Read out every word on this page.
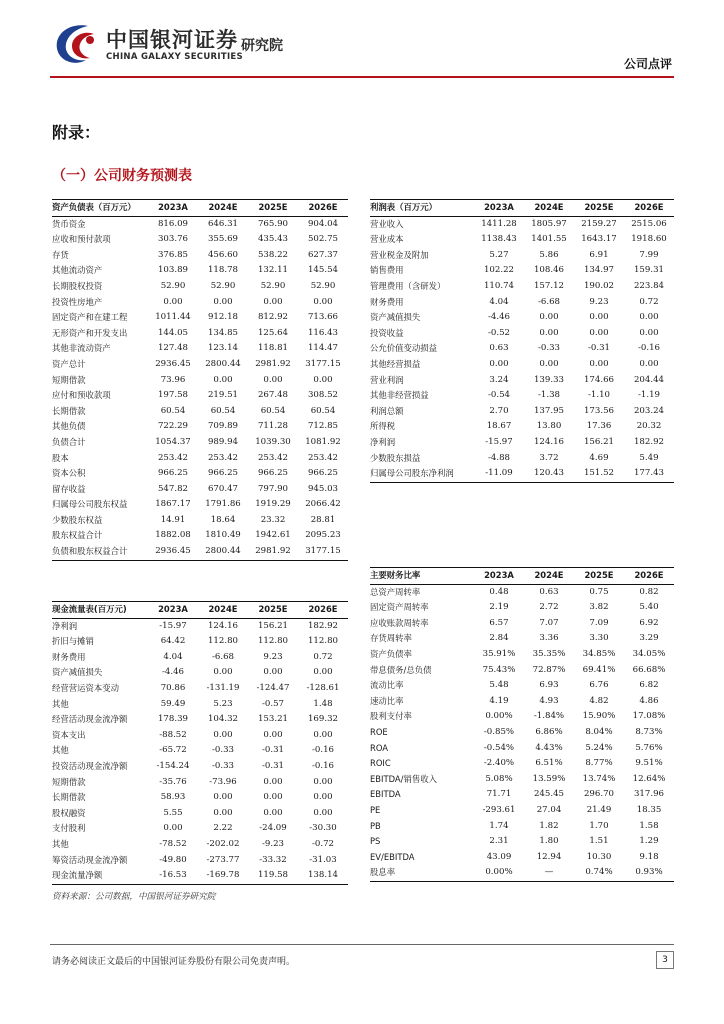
中国银河证券
CHINA GALAXY SECURITIES
研究院
公司点评
附录：
（一）公司财务预测表
资产负债表（百万元）	2023A	2024E	2025E	2026E
货币资金	816.09	646.31	765.90	904.04
应收和预付款项	303.76	355.69	435.43	502.75
存货	376.85	456.60	538.22	627.37
其他流动资产	103.89	118.78	132.11	145.54
长期股权投资	52.90	52.90	52.90	52.90
投资性房地产	0.00	0.00	0.00	0.00
固定资产和在建工程	1011.44	912.18	812.92	713.66
无形资产和开发支出	144.05	134.85	125.64	116.43
其他非流动资产	127.48	123.14	118.81	114.47
资产总计	2936.45	2800.44	2981.92	3177.15
短期借款	73.96	0.00	0.00	0.00
应付和预收款项	197.58	219.51	267.48	308.52
长期借款	60.54	60.54	60.54	60.54
其他负债	722.29	709.89	711.28	712.85
负债合计	1054.37	989.94	1039.30	1081.92
股本	253.42	253.42	253.42	253.42
资本公积	966.25	966.25	966.25	966.25
留存收益	547.82	670.47	797.90	945.03
归属母公司股东权益	1867.17	1791.86	1919.29	2066.42
少数股东权益	14.91	18.64	23.32	28.81
股东权益合计	1882.08	1810.49	1942.61	2095.23
负债和股东权益合计	2936.45	2800.44	2981.92	3177.15
利润表（百万元）	2023A	2024E	2025E	2026E
营业收入	1411.28	1805.97	2159.27	2515.06
营业成本	1138.43	1401.55	1643.17	1918.60
营业税金及附加	5.27	5.86	6.91	7.99
销售费用	102.22	108.46	134.97	159.31
管理费用（含研发）	110.74	157.12	190.02	223.84
财务费用	4.04	-6.68	9.23	0.72
资产减值损失	-4.46	0.00	0.00	0.00
投资收益	-0.52	0.00	0.00	0.00
公允价值变动损益	0.63	-0.33	-0.31	-0.16
其他经营损益	0.00	0.00	0.00	0.00
营业利润	3.24	139.33	174.66	204.44
其他非经营损益	-0.54	-1.38	-1.10	-1.19
利润总额	2.70	137.95	173.56	203.24
所得税	18.67	13.80	17.36	20.32
净利润	-15.97	124.16	156.21	182.92
少数股东损益	-4.88	3.72	4.69	5.49
归属母公司股东净利润	-11.09	120.43	151.52	177.43
主要财务比率	2023A	2024E	2025E	2026E
总资产周转率	0.48	0.63	0.75	0.82
固定资产周转率	2.19	2.72	3.82	5.40
应收账款周转率	6.57	7.07	7.09	6.92
存货周转率	2.84	3.36	3.30	3.29
资产负债率	35.91%	35.35%	34.85%	34.05%
带息债务/总负债	75.43%	72.87%	69.41%	66.68%
流动比率	5.48	6.93	6.76	6.82
速动比率	4.19	4.93	4.82	4.86
股利支付率	0.00%	-1.84%	15.90%	17.08%
ROE	-0.85%	6.86%	8.04%	8.73%
ROA	-0.54%	4.43%	5.24%	5.76%
ROIC	-2.40%	6.51%	8.77%	9.51%
EBITDA/销售收入	5.08%	13.59%	13.74%	12.64%
EBITDA	71.71	245.45	296.70	317.96
PE	-293.61	27.04	21.49	18.35
PB	1.74	1.82	1.70	1.58
PS	2.31	1.80	1.51	1.29
EV/EBITDA	43.09	12.94	10.30	9.18
股息率	0.00%	—	0.74%	0.93%
现金流量表(百万元)	2023A	2024E	2025E	2026E
净利润	-15.97	124.16	156.21	182.92
折旧与摊销	64.42	112.80	112.80	112.80
财务费用	4.04	-6.68	9.23	0.72
资产减值损失	-4.46	0.00	0.00	0.00
经营营运资本变动	70.86	-131.19	-124.47	-128.61
其他	59.49	5.23	-0.57	1.48
经营活动现金流净额	178.39	104.32	153.21	169.32
资本支出	-88.52	0.00	0.00	0.00
其他	-65.72	-0.33	-0.31	-0.16
投资活动现金流净额	-154.24	-0.33	-0.31	-0.16
短期借款	-35.76	-73.96	0.00	0.00
长期借款	58.93	0.00	0.00	0.00
股权融资	5.55	0.00	0.00	0.00
支付股利	0.00	2.22	-24.09	-30.30
其他	-78.52	-202.02	-9.23	-0.72
筹资活动现金流净额	-49.80	-273.77	-33.32	-31.03
现金流量净额	-16.53	-169.78	119.58	138.14
资料来源：公司数据，中国银河证券研究院
请务必阅读正文最后的中国银河证券股份有限公司免责声明。	3
